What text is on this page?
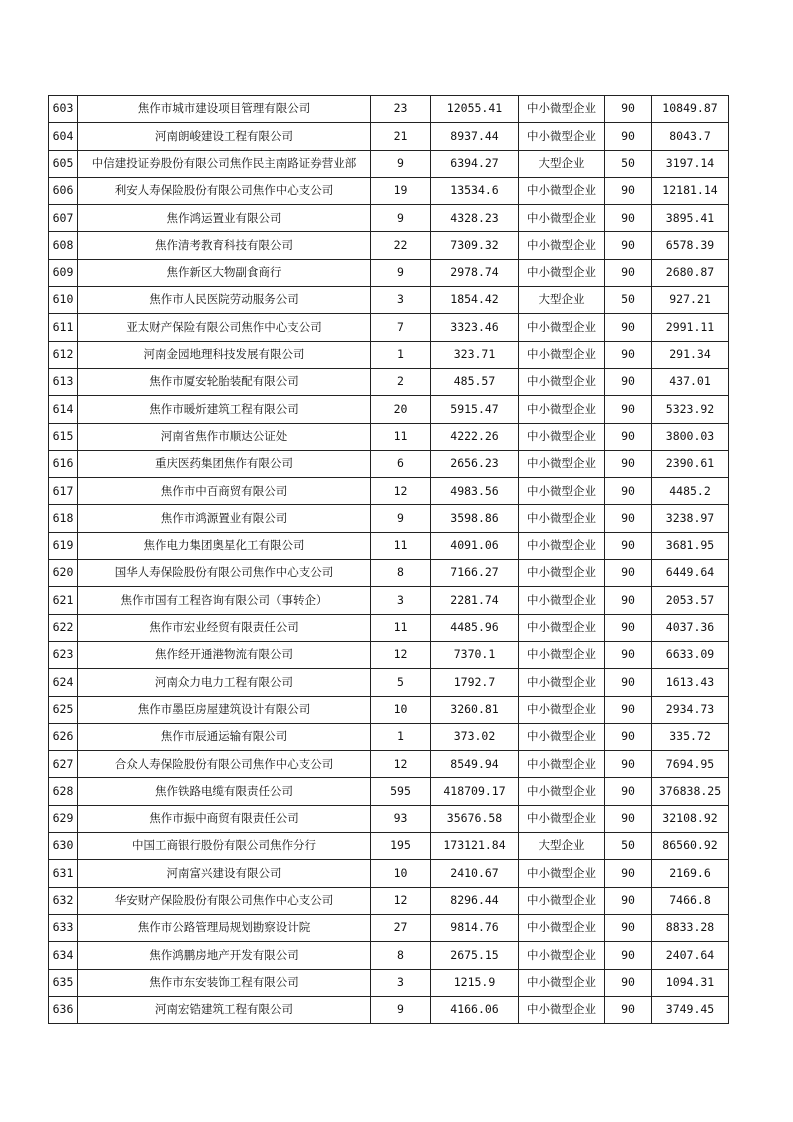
603	焦作市城市建设项目管理有限公司	23	12055.41	中小微型企业	90	10849.87
604	河南朗峻建设工程有限公司	21	8937.44	中小微型企业	90	8043.7
605	中信建投证券股份有限公司焦作民主南路证券营业部	9	6394.27	大型企业	50	3197.14
606	利安人寿保险股份有限公司焦作中心支公司	19	13534.6	中小微型企业	90	12181.14
607	焦作鸿运置业有限公司	9	4328.23	中小微型企业	90	3895.41
608	焦作清考教育科技有限公司	22	7309.32	中小微型企业	90	6578.39
609	焦作新区大物副食商行	9	2978.74	中小微型企业	90	2680.87
610	焦作市人民医院劳动服务公司	3	1854.42	大型企业	50	927.21
611	亚太财产保险有限公司焦作中心支公司	7	3323.46	中小微型企业	90	2991.11
612	河南金园地理科技发展有限公司	1	323.71	中小微型企业	90	291.34
613	焦作市厦安轮胎装配有限公司	2	485.57	中小微型企业	90	437.01
614	焦作市暖炘建筑工程有限公司	20	5915.47	中小微型企业	90	5323.92
615	河南省焦作市顺达公证处	11	4222.26	中小微型企业	90	3800.03
616	重庆医药集团焦作有限公司	6	2656.23	中小微型企业	90	2390.61
617	焦作市中百商贸有限公司	12	4983.56	中小微型企业	90	4485.2
618	焦作市鸿源置业有限公司	9	3598.86	中小微型企业	90	3238.97
619	焦作电力集团奥星化工有限公司	11	4091.06	中小微型企业	90	3681.95
620	国华人寿保险股份有限公司焦作中心支公司	8	7166.27	中小微型企业	90	6449.64
621	焦作市国有工程咨询有限公司（事转企）	3	2281.74	中小微型企业	90	2053.57
622	焦作市宏业经贸有限责任公司	11	4485.96	中小微型企业	90	4037.36
623	焦作经开通港物流有限公司	12	7370.1	中小微型企业	90	6633.09
624	河南众力电力工程有限公司	5	1792.7	中小微型企业	90	1613.43
625	焦作市墨臣房屋建筑设计有限公司	10	3260.81	中小微型企业	90	2934.73
626	焦作市辰通运输有限公司	1	373.02	中小微型企业	90	335.72
627	合众人寿保险股份有限公司焦作中心支公司	12	8549.94	中小微型企业	90	7694.95
628	焦作铁路电缆有限责任公司	595	418709.17	中小微型企业	90	376838.25
629	焦作市振中商贸有限责任公司	93	35676.58	中小微型企业	90	32108.92
630	中国工商银行股份有限公司焦作分行	195	173121.84	大型企业	50	86560.92
631	河南富兴建设有限公司	10	2410.67	中小微型企业	90	2169.6
632	华安财产保险股份有限公司焦作中心支公司	12	8296.44	中小微型企业	90	7466.8
633	焦作市公路管理局规划勘察设计院	27	9814.76	中小微型企业	90	8833.28
634	焦作鸿鹏房地产开发有限公司	8	2675.15	中小微型企业	90	2407.64
635	焦作市东安装饰工程有限公司	3	1215.9	中小微型企业	90	1094.31
636	河南宏锆建筑工程有限公司	9	4166.06	中小微型企业	90	3749.45
